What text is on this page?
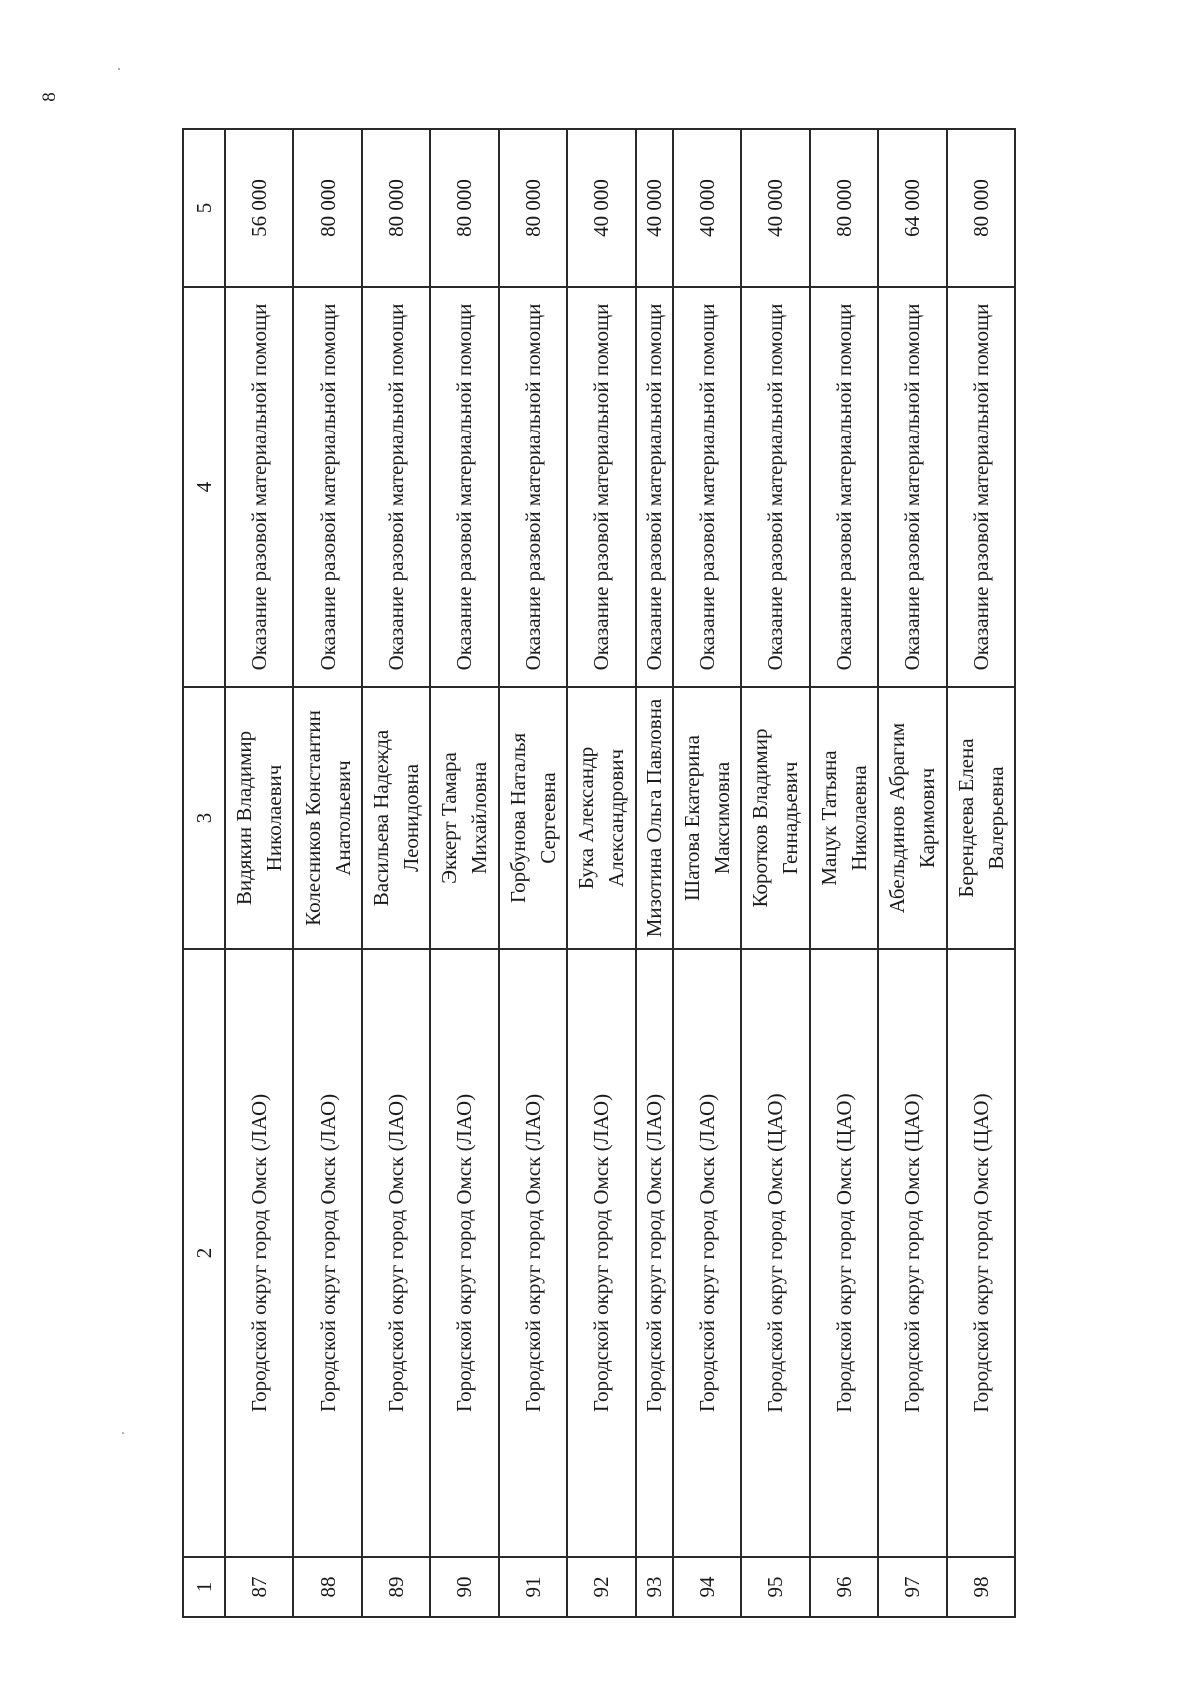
8
1	2	3	4	5
87	Городской округ город Омск (ЛАО)	Видякин Владимир Николаевич	Оказание разовой материальной помощи	56 000
88	Городской округ город Омск (ЛАО)	Колесников Константин Анатольевич	Оказание разовой материальной помощи	80 000
89	Городской округ город Омск (ЛАО)	Васильева Надежда Леонидовна	Оказание разовой материальной помощи	80 000
90	Городской округ город Омск (ЛАО)	Эккерт Тамара Михайловна	Оказание разовой материальной помощи	80 000
91	Городской округ город Омск (ЛАО)	Горбунова Наталья Сергеевна	Оказание разовой материальной помощи	80 000
92	Городской округ город Омск (ЛАО)	Бука Александр Александрович	Оказание разовой материальной помощи	40 000
93	Городской округ город Омск (ЛАО)	Мизотина Ольга Павловна	Оказание разовой материальной помощи	40 000
94	Городской округ город Омск (ЛАО)	Шатова Екатерина Максимовна	Оказание разовой материальной помощи	40 000
95	Городской округ город Омск (ЦАО)	Коротков Владимир Геннадьевич	Оказание разовой материальной помощи	40 000
96	Городской округ город Омск (ЦАО)	Мацук Татьяна Николаевна	Оказание разовой материальной помощи	80 000
97	Городской округ город Омск (ЦАО)	Абельдинов Абрагим Каримович	Оказание разовой материальной помощи	64 000
98	Городской округ город Омск (ЦАО)	Берендеева Елена Валерьевна	Оказание разовой материальной помощи	80 000
